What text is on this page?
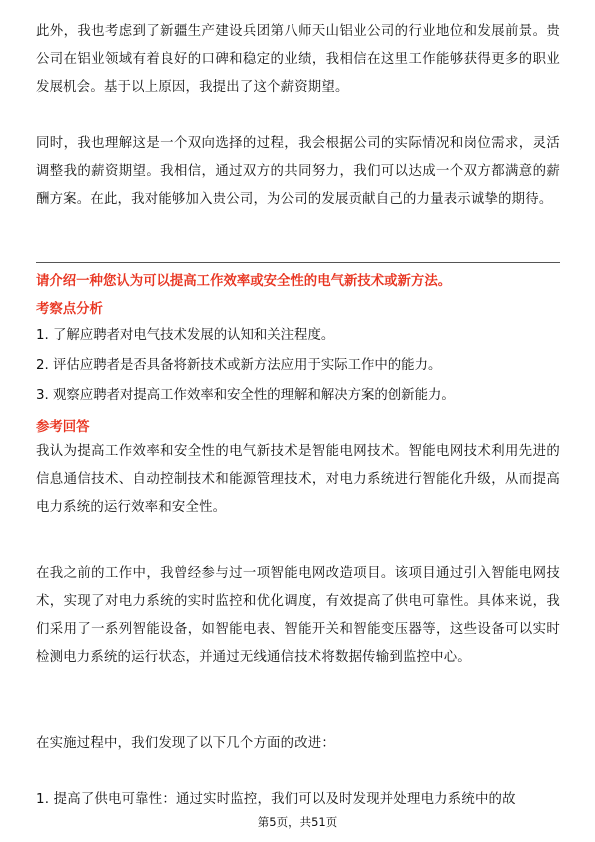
此外，我也考虑到了新疆生产建设兵团第八师天山铝业公司的行业地位和发展前景。贵公司在铝业领域有着良好的口碑和稳定的业绩，我相信在这里工作能够获得更多的职业发展机会。基于以上原因，我提出了这个薪资期望。

同时，我也理解这是一个双向选择的过程，我会根据公司的实际情况和岗位需求，灵活调整我的薪资期望。我相信，通过双方的共同努力，我们可以达成一个双方都满意的薪酬方案。在此，我对能够加入贵公司，为公司的发展贡献自己的力量表示诚挚的期待。

请介绍一种您认为可以提高工作效率或安全性的电气新技术或新方法。

考察点分析

1. 了解应聘者对电气技术发展的认知和关注程度。

2. 评估应聘者是否具备将新技术或新方法应用于实际工作中的能力。

3. 观察应聘者对提高工作效率和安全性的理解和解决方案的创新能力。

参考回答

我认为提高工作效率和安全性的电气新技术是智能电网技术。智能电网技术利用先进的信息通信技术、自动控制技术和能源管理技术，对电力系统进行智能化升级，从而提高电力系统的运行效率和安全性。

在我之前的工作中，我曾经参与过一项智能电网改造项目。该项目通过引入智能电网技术，实现了对电力系统的实时监控和优化调度，有效提高了供电可靠性。具体来说，我们采用了一系列智能设备，如智能电表、智能开关和智能变压器等，这些设备可以实时检测电力系统的运行状态，并通过无线通信技术将数据传输到监控中心。

在实施过程中，我们发现了以下几个方面的改进：

1. 提高了供电可靠性：通过实时监控，我们可以及时发现并处理电力系统中的故

第5页，共51页
